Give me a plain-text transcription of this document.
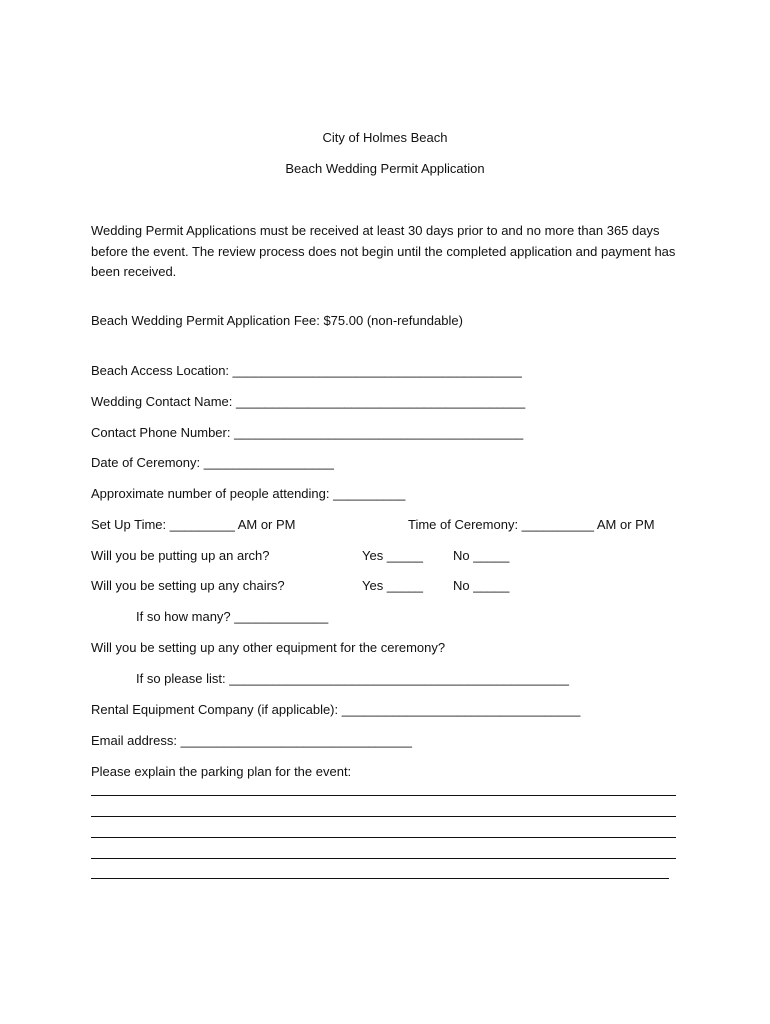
City of Holmes Beach
Beach Wedding Permit Application
Wedding Permit Applications must be received at least 30 days prior to and no more than 365 days before the event. The review process does not begin until the completed application and payment has been received.
Beach Wedding Permit Application Fee: $75.00 (non-refundable)
Beach Access Location: ________________________________________
Wedding Contact Name: ________________________________________
Contact Phone Number: ________________________________________
Date of Ceremony: __________________
Approximate number of people attending: __________
Set Up Time: _________ AM or PM	Time of Ceremony: __________ AM or PM
Will you be putting up an arch?	Yes _____ No _____
Will you be setting up any chairs?	Yes _____ No _____
If so how many? _____________
Will you be setting up any other equipment for the ceremony?
If so please list: _______________________________________________
Rental Equipment Company (if applicable): _________________________________
Email address: ________________________________
Please explain the parking plan for the event:
